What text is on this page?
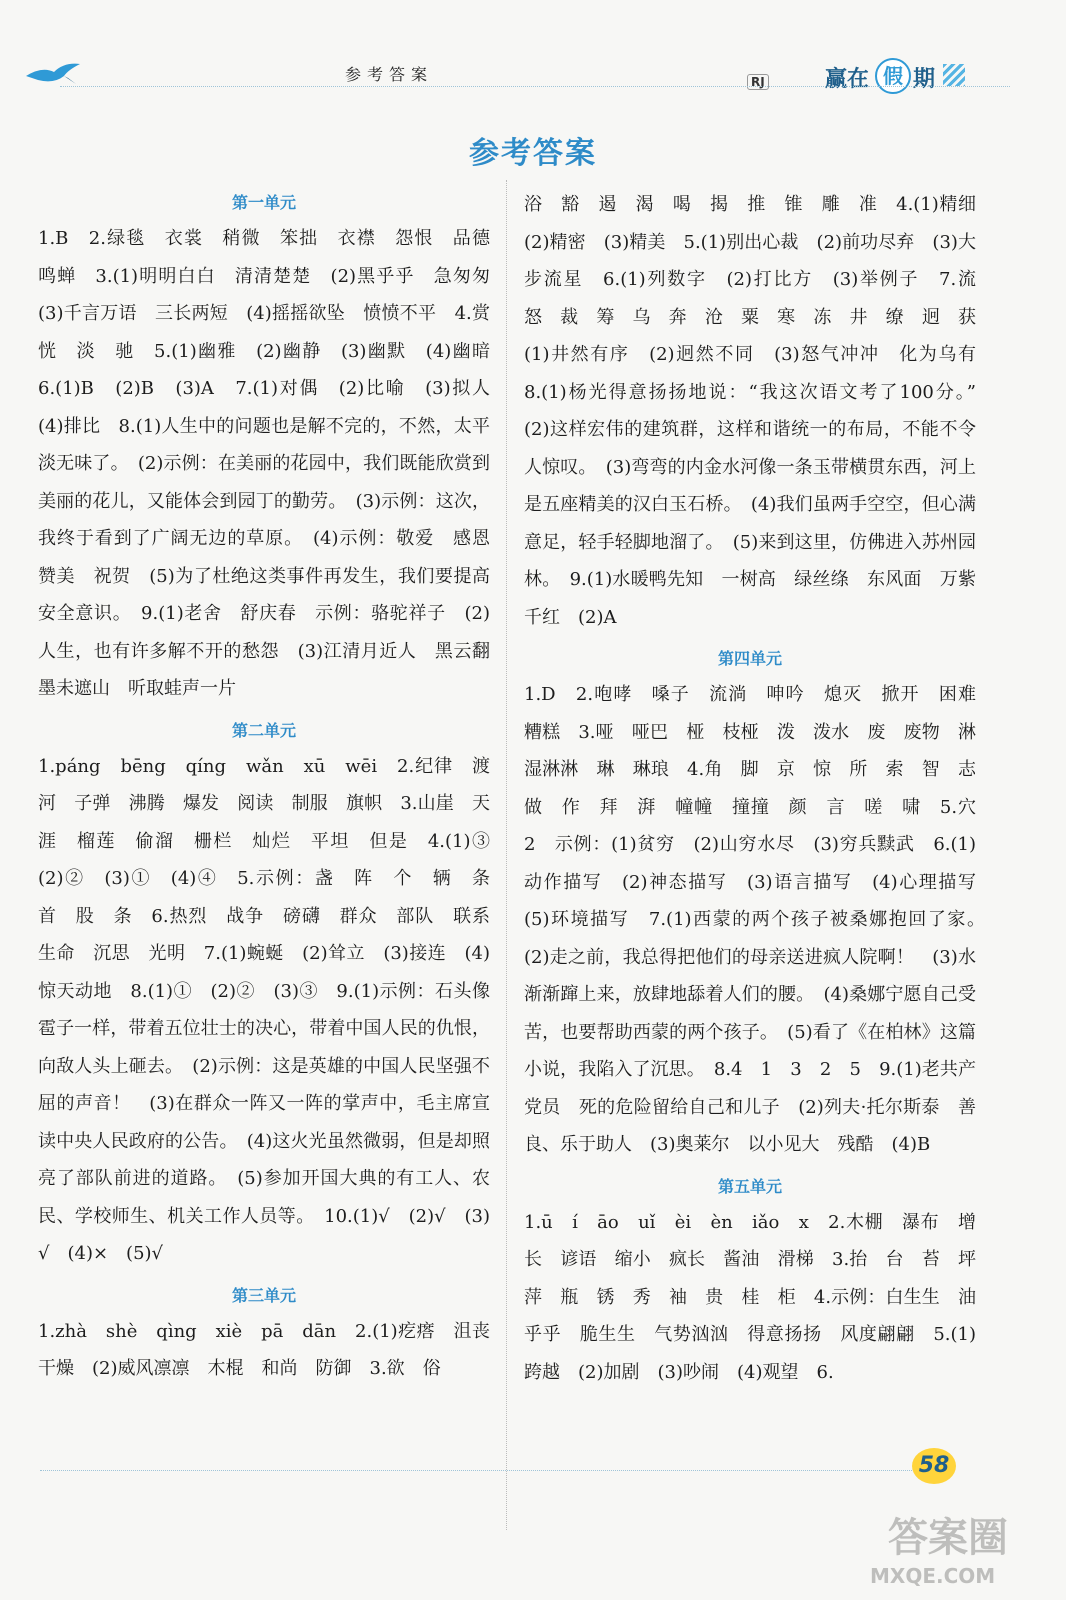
参考答案	RJ	赢在 假 期
参考答案
第一单元
1.B　2.绿毯　衣裳　稍微　笨拙　衣襟　怨恨　品德　鸣蝉　3.(1)明明白白　清清楚楚　(2)黑乎乎　急匆匆　(3)千言万语　三长两短　(4)摇摇欲坠　愤愤不平　4.赏　恍　淡　驰　5.(1)幽雅　(2)幽静　(3)幽默　(4)幽暗　6.(1)B　(2)B　(3)A　7.(1)对偶　(2)比喻　(3)拟人　(4)排比　8.(1)人生中的问题也是解不完的，不然，太平淡无味了。　(2)示例：在美丽的花园中，我们既能欣赏到美丽的花儿，又能体会到园丁的勤劳。　(3)示例：这次，我终于看到了广阔无边的草原。　(4)示例：敬爱　感恩　赞美　祝贺　(5)为了杜绝这类事件再发生，我们要提高安全意识。　9.(1)老舍　舒庆春　示例：骆驼祥子　(2)人生，也有许多解不开的愁怨　(3)江清月近人　黑云翻墨未遮山　听取蛙声一片
第二单元
1.páng　bēng　qíng　wǎn　xū　wēi　2.纪律　渡河　子弹　沸腾　爆发　阅读　制服　旗帜　3.山崖　天涯　榴莲　偷溜　栅栏　灿烂　平坦　但是　4.(1)③　(2)②　(3)①　(4)④　5.示例：盏　阵　个　辆　条　首　股　条　6.热烈　战争　磅礴　群众　部队　联系　生命　沉思　光明　7.(1)蜿蜒　(2)耸立　(3)接连　(4)惊天动地　8.(1)①　(2)②　(3)③　9.(1)示例：石头像雹子一样，带着五位壮士的决心，带着中国人民的仇恨，向敌人头上砸去。　(2)示例：这是英雄的中国人民坚强不屈的声音！　(3)在群众一阵又一阵的掌声中，毛主席宣读中央人民政府的公告。　(4)这火光虽然微弱，但是却照亮了部队前进的道路。　(5)参加开国大典的有工人、农民、学校师生、机关工作人员等。　10.(1)√　(2)√　(3)√　(4)×　(5)√
第三单元
1.zhà　shè　qìng　xiè　pā　dān　2.(1)疙瘩　沮丧　干燥　(2)威风凛凛　木棍　和尚　防御　3.欲　俗
浴　豁　遏　渴　喝　揭　推　锥　雕　准　4.(1)精细　(2)精密　(3)精美　5.(1)别出心裁　(2)前功尽弃　(3)大步流星　6.(1)列数字　(2)打比方　(3)举例子　7.流　怒　裁　筹　乌　奔　沧　粟　寒　冻　井　缭　迥　获　(1)井然有序　(2)迥然不同　(3)怒气冲冲　化为乌有　8.(1)杨光得意扬扬地说：“我这次语文考了100分。”　(2)这样宏伟的建筑群，这样和谐统一的布局，不能不令人惊叹。　(3)弯弯的内金水河像一条玉带横贯东西，河上是五座精美的汉白玉石桥。　(4)我们虽两手空空，但心满意足，轻手轻脚地溜了。　(5)来到这里，仿佛进入苏州园林。　9.(1)水暖鸭先知　一树高　绿丝绦　东风面　万紫千红　(2)A
第四单元
1.D　2.咆哮　嗓子　流淌　呻吟　熄灭　掀开　困难　糟糕　3.哑　哑巴　桠　枝桠　泼　泼水　废　废物　淋　湿淋淋　琳　琳琅　4.角　脚　京　惊　所　索　智　志　做　作　拜　湃　幢幢　撞撞　颜　言　嗟　啸　5.穴　2　示例：(1)贫穷　(2)山穷水尽　(3)穷兵黩武　6.(1)动作描写　(2)神态描写　(3)语言描写　(4)心理描写　(5)环境描写　7.(1)西蒙的两个孩子被桑娜抱回了家。　(2)走之前，我总得把他们的母亲送进疯人院啊！　(3)水渐渐蹿上来，放肆地舔着人们的腰。　(4)桑娜宁愿自己受苦，也要帮助西蒙的两个孩子。　(5)看了《在柏林》这篇小说，我陷入了沉思。　8.4　1　3　2　5　9.(1)老共产党员　死的危险留给自己和儿子　(2)列夫·托尔斯泰　善良、乐于助人　(3)奥莱尔　以小见大　残酷　(4)B
第五单元
1.ū　í　āo　uǐ　èi　èn　iǎo　x　2.木棚　瀑布　增长　谚语　缩小　疯长　酱油　滑梯　3.抬　台　苔　坪　萍　瓶　锈　秀　袖　贵　桂　柜　4.示例：白生生　油乎乎　脆生生　气势汹汹　得意扬扬　风度翩翩　5.(1)跨越　(2)加剧　(3)吵闹　(4)观望　6.
58
答案圈
MXQE.COM
